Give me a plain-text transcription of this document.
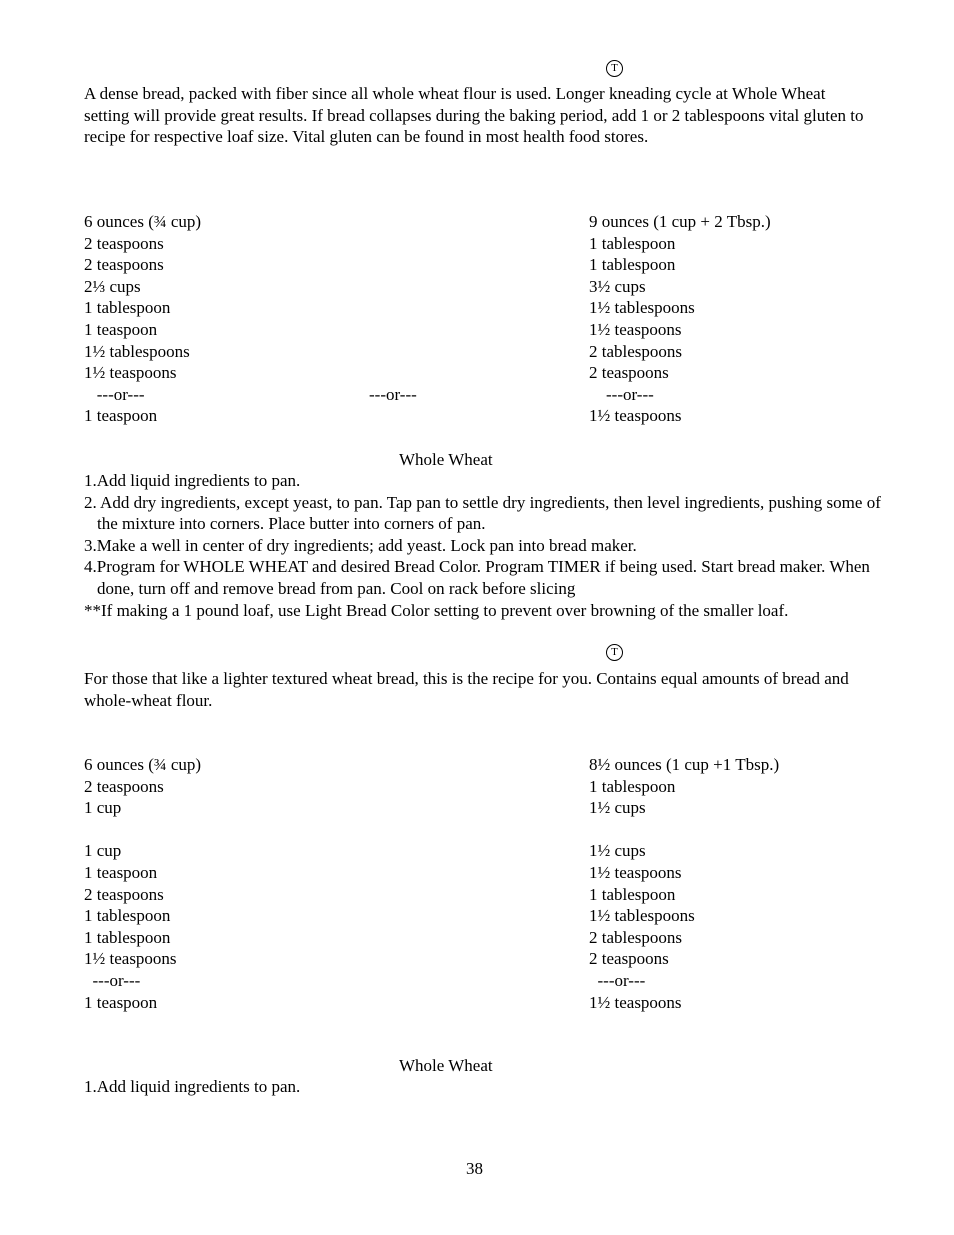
T
A dense bread, packed with fiber since all whole wheat flour is used. Longer kneading cycle at Whole Wheat setting will provide great results. If bread collapses during the baking period, add 1 or 2 tablespoons vital gluten to recipe for respective loaf size. Vital gluten can be found in most health food stores.
6 ounces (¾ cup)
2 teaspoons
2 teaspoons
2⅓ cups
1 tablespoon
1 teaspoon
1½ tablespoons
1½ teaspoons
---or---
1 teaspoon
---or---
9 ounces (1 cup + 2 Tbsp.)
1 tablespoon
1 tablespoon
3½ cups
1½ tablespoons
1½ teaspoons
2 tablespoons
2 teaspoons
---or---
1½ teaspoons
Whole Wheat
1.Add liquid ingredients to pan.
2. Add dry ingredients, except yeast, to pan. Tap pan to settle dry ingredients, then level ingredients, pushing some of the mixture into corners. Place butter into corners of pan.
3.Make a well in center of dry ingredients; add yeast. Lock pan into bread maker.
4.Program for WHOLE WHEAT and desired Bread Color. Program TIMER if being used. Start bread maker. When done, turn off and remove bread from pan. Cool on rack before slicing
**If making a 1 pound loaf, use Light Bread Color setting to prevent over browning of the smaller loaf.
T
For those that like a lighter textured wheat bread, this is the recipe for you. Contains equal amounts of bread and whole-wheat flour.
6 ounces (¾ cup)
2 teaspoons
1 cup
1 cup
1 teaspoon
2 teaspoons
1 tablespoon
1 tablespoon
1½ teaspoons
---or---
1 teaspoon
8½ ounces (1 cup +1 Tbsp.)
1 tablespoon
1½ cups
1½ cups
1½ teaspoons
1 tablespoon
1½ tablespoons
2 tablespoons
2 teaspoons
---or---
1½ teaspoons
Whole Wheat
1.Add liquid ingredients to pan.
38
